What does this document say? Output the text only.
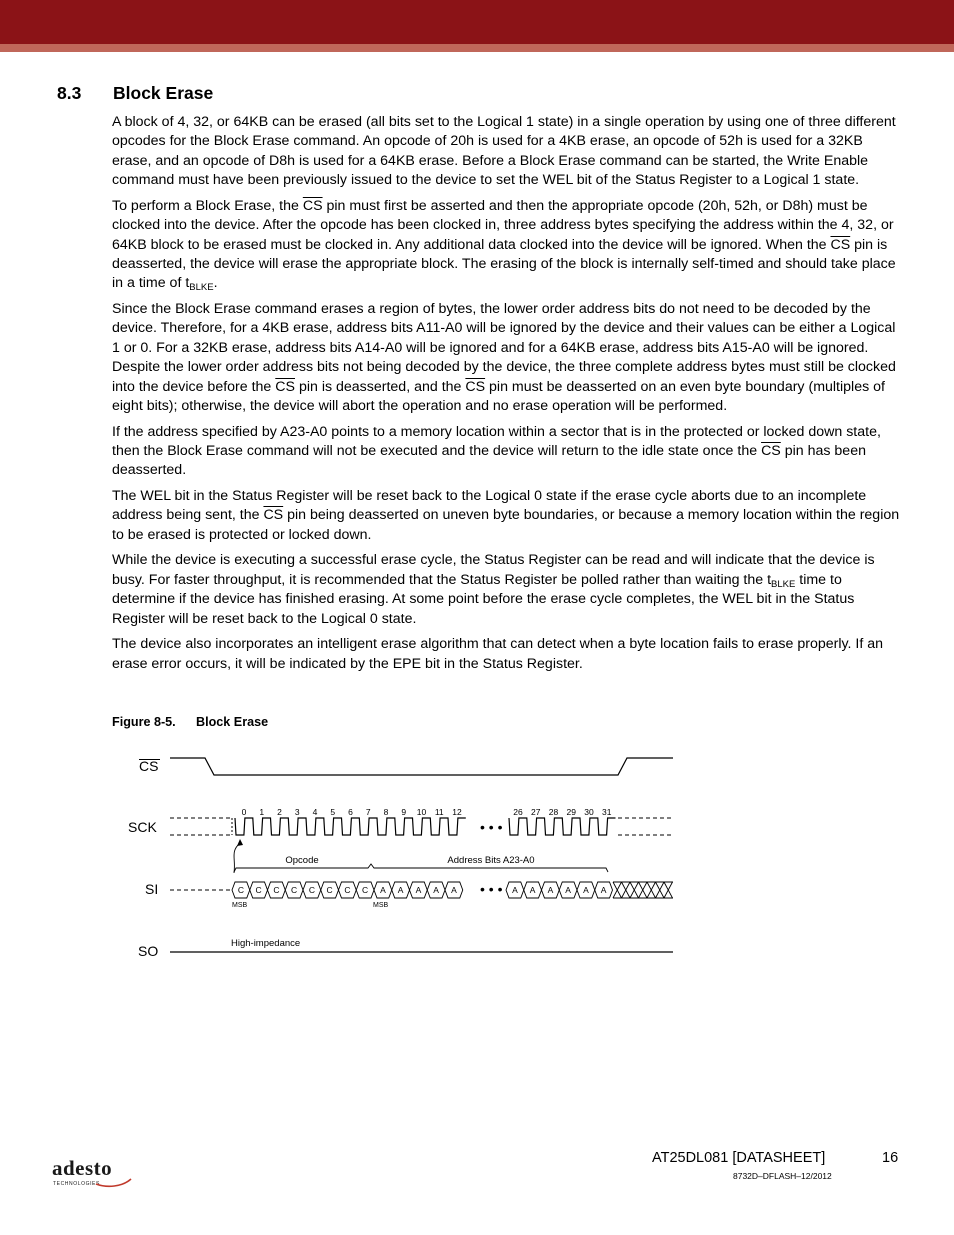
8.3 Block Erase

A block of 4, 32, or 64KB can be erased (all bits set to the Logical 1 state) in a single operation by using one of three different opcodes for the Block Erase command. An opcode of 20h is used for a 4KB erase, an opcode of 52h is used for a 32KB erase, and an opcode of D8h is used for a 64KB erase. Before a Block Erase command can be started, the Write Enable command must have been previously issued to the device to set the WEL bit of the Status Register to a Logical 1 state.

To perform a Block Erase, the $\overline{CS}$ pin must first be asserted and then the appropriate opcode (20h, 52h, or D8h) must be clocked into the device. After the opcode has been clocked in, three address bytes specifying the address within the 4, 32, or 64KB block to be erased must be clocked in. Any additional data clocked into the device will be ignored. When the $\overline{CS}$ pin is deasserted, the device will erase the appropriate block. The erasing of the block is internally self-timed and should take place in a time of $t_{BLKE}$.

Since the Block Erase command erases a region of bytes, the lower order address bits do not need to be decoded by the device. Therefore, for a 4KB erase, address bits A11-A0 will be ignored by the device and their values can be either a Logical 1 or 0. For a 32KB erase, address bits A14-A0 will be ignored and for a 64KB erase, address bits A15-A0 will be ignored. Despite the lower order address bits not being decoded by the device, the three complete address bytes must still be clocked into the device before the $\overline{CS}$ pin is deasserted, and the $\overline{CS}$ pin must be deasserted on an even byte boundary (multiples of eight bits); otherwise, the device will abort the operation and no erase operation will be performed.

If the address specified by A23-A0 points to a memory location within a sector that is in the protected or locked down state, then the Block Erase command will not be executed and the device will return to the idle state once the $\overline{CS}$ pin has been deasserted.

The WEL bit in the Status Register will be reset back to the Logical 0 state if the erase cycle aborts due to an incomplete address being sent, the $\overline{CS}$ pin being deasserted on uneven byte boundaries, or because a memory location within the region to be erased is protected or locked down.

While the device is executing a successful erase cycle, the Status Register can be read and will indicate that the device is busy. For faster throughput, it is recommended that the Status Register be polled rather than waiting the $t_{BLKE}$ time to determine if the device has finished erasing. At some point before the erase cycle completes, the WEL bit in the Status Register will be reset back to the Logical 0 state.

The device also incorporates an intelligent erase algorithm that can detect when a byte location fails to erase properly. If an erase error occurs, it will be indicated by the EPE bit in the Status Register.

Figure 8-5. Block Erase
CS
SCK
SI
SO
• • •
0 1 2 3 4 5 6 7 8 9 10 11 12	26 27 28 29 30 31
Opcode	Address Bits A23-A0
C C C C C C C C A A A A A	A A A A A A
• • •
MSB	MSB
High-impedance
adesto
TECHNOLOGIES
AT25DL081 [DATASHEET]	16
8732D–DFLASH–12/2012
